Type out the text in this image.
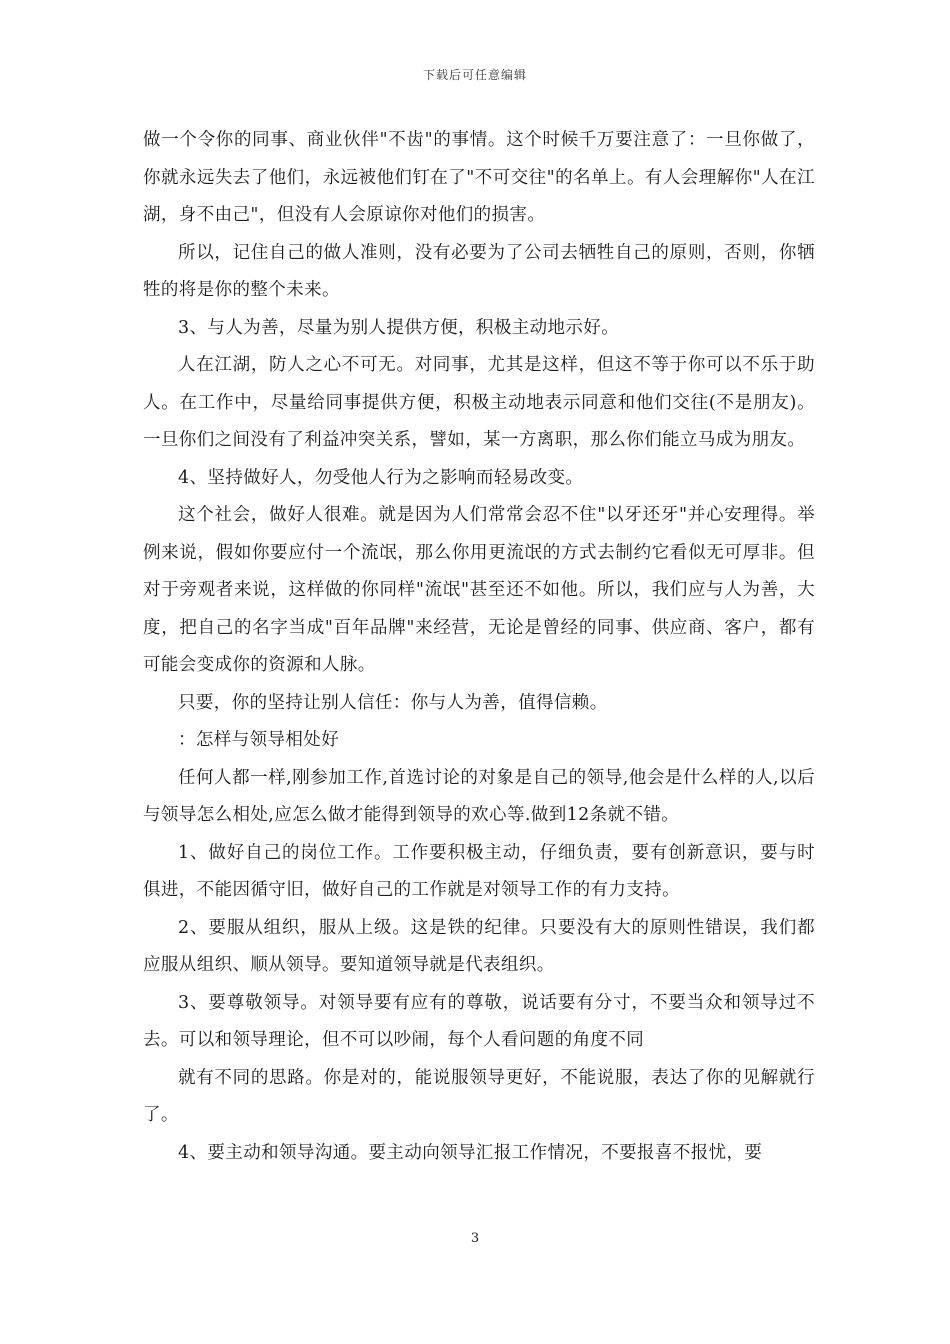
下载后可任意编辑

做一个令你的同事、商业伙伴"不齿"的事情。这个时候千万要注意了：一旦你做了，你就永远失去了他们，永远被他们钉在了"不可交往"的名单上。有人会理解你"人在江湖，身不由己"，但没有人会原谅你对他们的损害。

所以，记住自己的做人准则，没有必要为了公司去牺牲自己的原则，否则，你牺牲的将是你的整个未来。

3、与人为善，尽量为别人提供方便，积极主动地示好。

人在江湖，防人之心不可无。对同事，尤其是这样，但这不等于你可以不乐于助人。在工作中，尽量给同事提供方便，积极主动地表示同意和他们交往(不是朋友)。一旦你们之间没有了利益冲突关系，譬如，某一方离职，那么你们能立马成为朋友。

4、坚持做好人，勿受他人行为之影响而轻易改变。

这个社会，做好人很难。就是因为人们常常会忍不住"以牙还牙"并心安理得。举例来说，假如你要应付一个流氓，那么你用更流氓的方式去制约它看似无可厚非。但对于旁观者来说，这样做的你同样"流氓"甚至还不如他。所以，我们应与人为善，大度，把自己的名字当成"百年品牌"来经营，无论是曾经的同事、供应商、客户，都有可能会变成你的资源和人脉。

只要，你的坚持让别人信任：你与人为善，值得信赖。

：怎样与领导相处好

任何人都一样,刚参加工作,首选讨论的对象是自己的领导,他会是什么样的人,以后与领导怎么相处,应怎么做才能得到领导的欢心等.做到12条就不错。

1、做好自己的岗位工作。工作要积极主动，仔细负责，要有创新意识，要与时俱进，不能因循守旧，做好自己的工作就是对领导工作的有力支持。

2、要服从组织，服从上级。这是铁的纪律。只要没有大的原则性错误，我们都应服从组织、顺从领导。要知道领导就是代表组织。

3、要尊敬领导。对领导要有应有的尊敬，说话要有分寸，不要当众和领导过不去。可以和领导理论，但不可以吵闹，每个人看问题的角度不同

就有不同的思路。你是对的，能说服领导更好，不能说服，表达了你的见解就行了。

4、要主动和领导沟通。要主动向领导汇报工作情况，不要报喜不报忧，要

3
